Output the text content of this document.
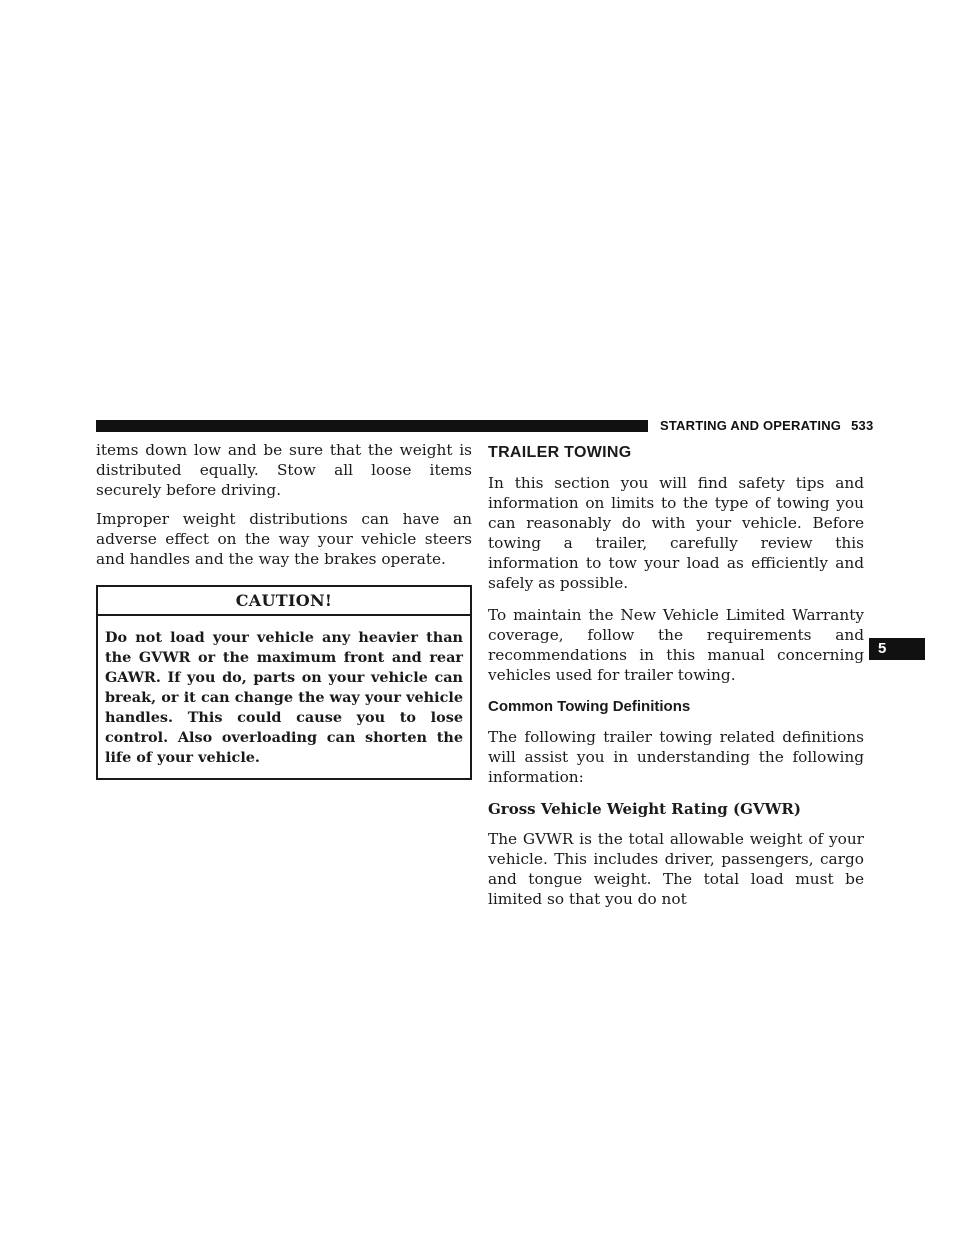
STARTING AND OPERATING 533

items down low and be sure that the weight is distributed equally. Stow all loose items securely before driving.

Improper weight distributions can have an adverse effect on the way your vehicle steers and handles and the way the brakes operate.

CAUTION!

Do not load your vehicle any heavier than the GVWR or the maximum front and rear GAWR. If you do, parts on your vehicle can break, or it can change the way your vehicle handles. This could cause you to lose control. Also overloading can shorten the life of your vehicle.

TRAILER TOWING

In this section you will find safety tips and information on limits to the type of towing you can reasonably do with your vehicle. Before towing a trailer, carefully review this information to tow your load as efficiently and safely as possible.

To maintain the New Vehicle Limited Warranty coverage, follow the requirements and recommendations in this manual concerning vehicles used for trailer towing.

Common Towing Definitions

The following trailer towing related definitions will assist you in understanding the following information:

Gross Vehicle Weight Rating (GVWR)

The GVWR is the total allowable weight of your vehicle. This includes driver, passengers, cargo and tongue weight. The total load must be limited so that you do not

5
